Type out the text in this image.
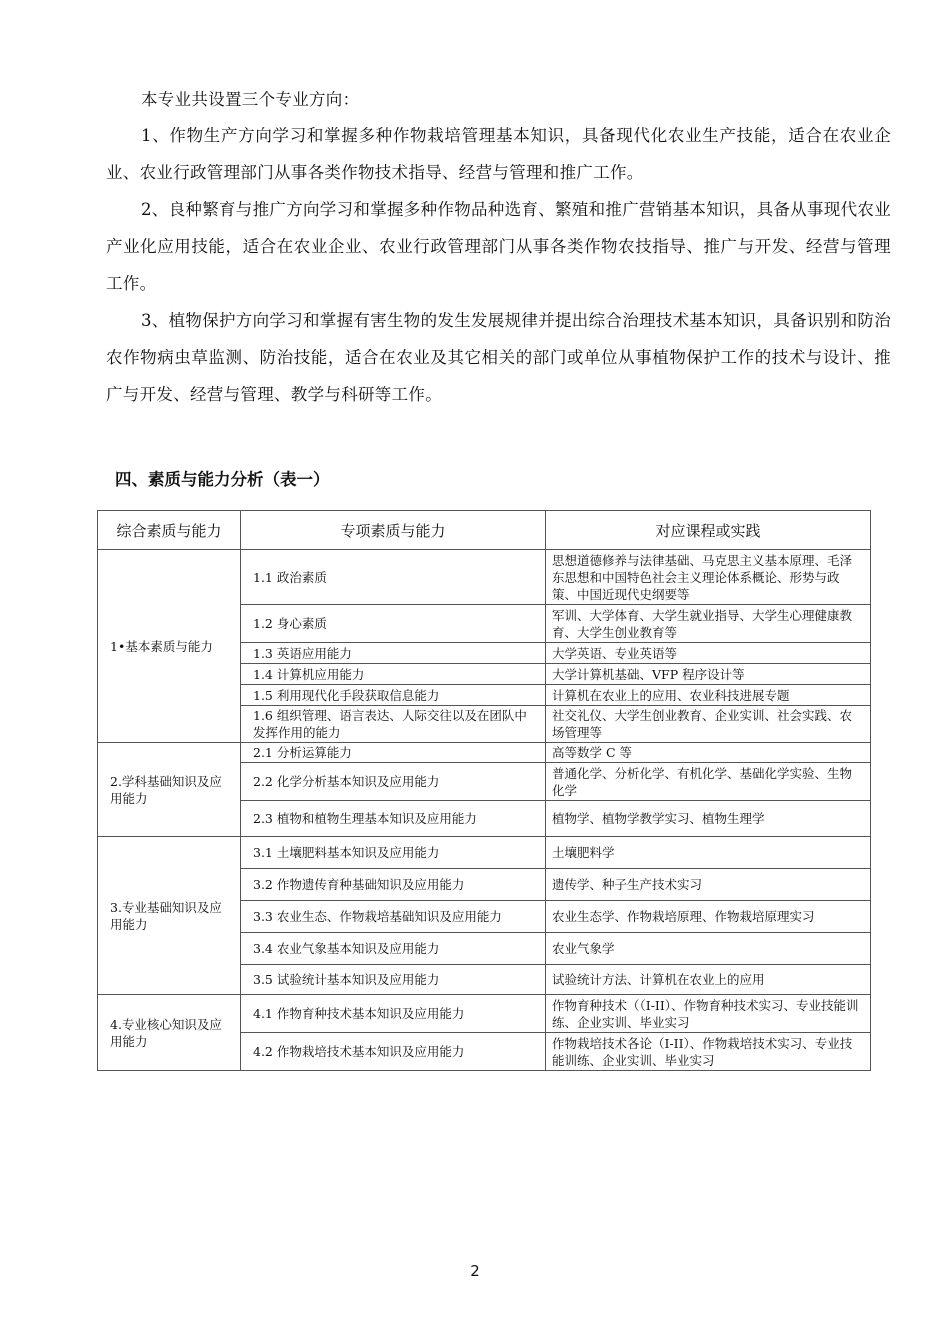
本专业共设置三个专业方向：

1、作物生产方向学习和掌握多种作物栽培管理基本知识，具备现代化农业生产技能，适合在农业企业、农业行政管理部门从事各类作物技术指导、经营与管理和推广工作。

2、良种繁育与推广方向学习和掌握多种作物品种选育、繁殖和推广营销基本知识，具备从事现代农业产业化应用技能，适合在农业企业、农业行政管理部门从事各类作物农技指导、推广与开发、经营与管理工作。

3、植物保护方向学习和掌握有害生物的发生发展规律并提出综合治理技术基本知识，具备识别和防治农作物病虫草监测、防治技能，适合在农业及其它相关的部门或单位从事植物保护工作的技术与设计、推广与开发、经营与管理、教学与科研等工作。

四、素质与能力分析（表一）
综合素质与能力	专项素质与能力	对应课程或实践
1•基本素质与能力	1.1 政治素质	思想道德修养与法律基础、马克思主义基本原理、毛泽东思想和中国特色社会主义理论体系概论、形势与政策、中国近现代史纲要等
	1.2 身心素质	军训、大学体育、大学生就业指导、大学生心理健康教育、大学生创业教育等
	1.3 英语应用能力	大学英语、专业英语等
	1.4 计算机应用能力	大学计算机基础、VFP 程序设计等
	1.5 利用现代化手段获取信息能力	计算机在农业上的应用、农业科技进展专题
	1.6 组织管理、语言表达、人际交往以及在团队中发挥作用的能力	社交礼仪、大学生创业教育、企业实训、社会实践、农场管理等
2.学科基础知识及应用能力	2.1 分析运算能力	高等数学 C 等
	2.2 化学分析基本知识及应用能力	普通化学、分析化学、有机化学、基础化学实验、生物化学
	2.3 植物和植物生理基本知识及应用能力	植物学、植物学教学实习、植物生理学
3.专业基础知识及应用能力	3.1 土壤肥料基本知识及应用能力	土壤肥料学
	3.2 作物遗传育种基础知识及应用能力	遗传学、种子生产技术实习
	3.3 农业生态、作物栽培基础知识及应用能力	农业生态学、作物栽培原理、作物栽培原理实习
	3.4 农业气象基本知识及应用能力	农业气象学
	3.5 试验统计基本知识及应用能力	试验统计方法、计算机在农业上的应用
4.专业核心知识及应用能力	4.1 作物育种技术基本知识及应用能力	作物育种技术（（I-II）、作物育种技术实习、专业技能训练、企业实训、毕业实习
	4.2 作物栽培技术基本知识及应用能力	作物栽培技术各论（I-II）、作物栽培技术实习、专业技能训练、企业实训、毕业实习
2
